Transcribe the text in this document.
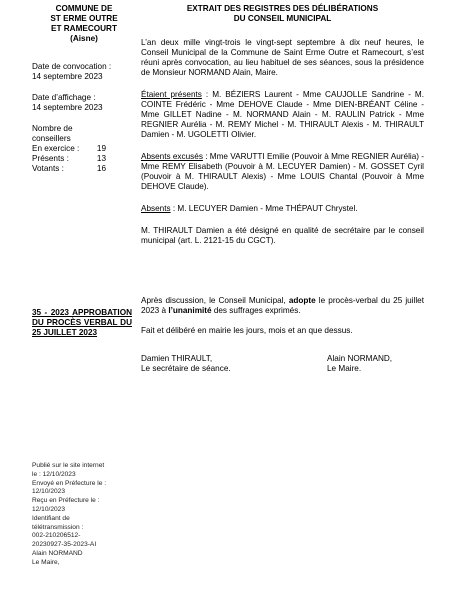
COMMUNE DE
ST ERME OUTRE
ET RAMECOURT
(Aisne)
Date de convocation :
14 septembre 2023
Date d’affichage :
14 septembre 2023
Nombre de conseillers
En exercice : 19
Présents :	13
Votants :	16
EXTRAIT DES REGISTRES DES DÉLIBÉRATIONS
DU CONSEIL MUNICIPAL
L’an deux mille vingt-trois le vingt-sept septembre à dix neuf heures, le Conseil Municipal de la Commune de Saint Erme Outre et Ramecourt, s’est réuni après convocation, au lieu habituel de ses séances, sous la présidence de Monsieur NORMAND Alain, Maire.
Étaient présents : M. BÉZIERS Laurent - Mme CAUJOLLE Sandrine - M. COINTE Frédéric - Mme DEHOVE Claude - Mme DIEN-BRÉANT Céline - Mme GILLET Nadine - M. NORMAND Alain - M. RAULIN Patrick - Mme REGNIER Aurélia - M. REMY Michel - M. THIRAULT Alexis - M. THIRAULT Damien - M. UGOLETTI Olivier.
Absents excusés : Mme VARUTTI Emilie (Pouvoir à Mme REGNIER Aurélia) - Mme REMY Elisabeth (Pouvoir à M. LECUYER Damien) - M. GOSSET Cyril (Pouvoir à M. THIRAULT Alexis) - Mme LOUIS Chantal (Pouvoir à Mme DEHOVE Claude).
Absents : M. LECUYER Damien - Mme THÉPAUT Chrystel.
M. THIRAULT Damien a été désigné en qualité de secrétaire par le conseil municipal (art. L. 2121-15 du CGCT).
35 - 2023 APPROBATION DU PROCÈS VERBAL DU 25 JUILLET 2023
Après discussion, le Conseil Municipal, adopte le procès-verbal du 25 juillet 2023 à l’unanimité des suffrages exprimés.
Fait et délibéré en mairie les jours, mois et an que dessus.
Damien THIRAULT,
Le secrétaire de séance.
Alain NORMAND,
Le Maire.
Publié sur le site internet
le : 12/10/2023
Envoyé en Préfecture le :
12/10/2023
Reçu en Préfecture le :
12/10/2023
Identifiant de
télétransmission :
002-210206512-
20230927-35-2023-AI
Alain NORMAND
Le Maire,
